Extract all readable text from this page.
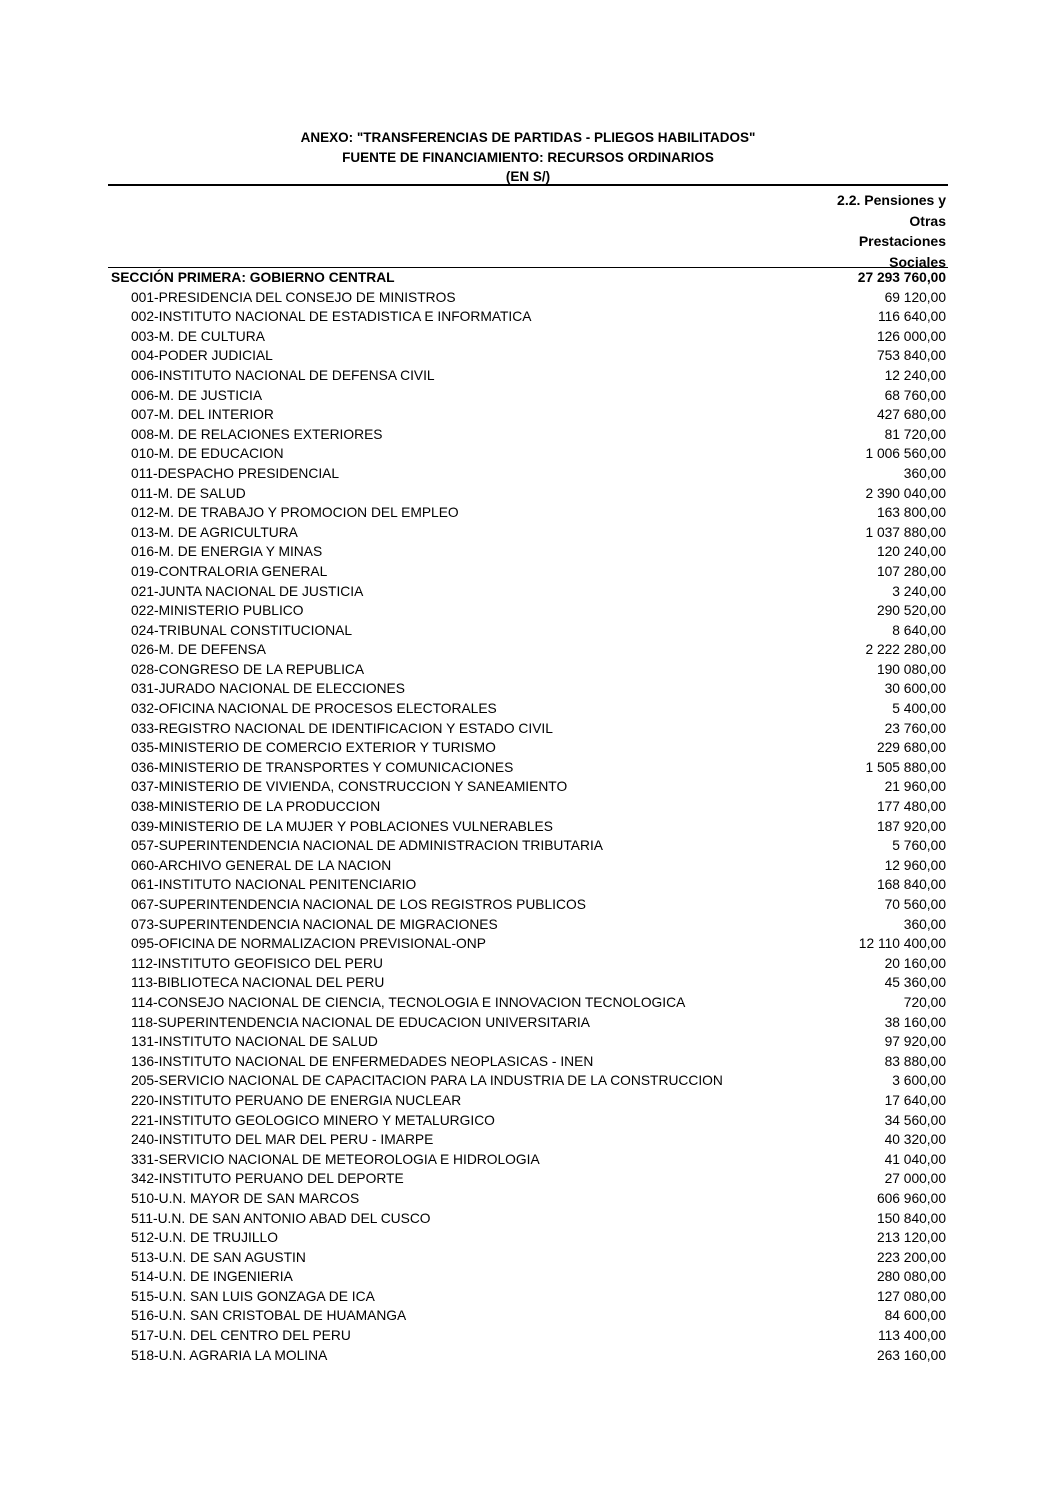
ANEXO: "TRANSFERENCIAS DE PARTIDAS - PLIEGOS HABILITADOS"
FUENTE DE FINANCIAMIENTO: RECURSOS ORDINARIOS
(EN S/)
2.2. Pensiones y
Otras
Prestaciones
Sociales
SECCIÓN PRIMERA: GOBIERNO CENTRAL	27 293 760,00
001-PRESIDENCIA DEL CONSEJO DE MINISTROS	69 120,00
002-INSTITUTO NACIONAL DE ESTADISTICA E INFORMATICA	116 640,00
003-M. DE CULTURA	126 000,00
004-PODER JUDICIAL	753 840,00
006-INSTITUTO NACIONAL DE DEFENSA CIVIL	12 240,00
006-M. DE JUSTICIA	68 760,00
007-M. DEL INTERIOR	427 680,00
008-M. DE RELACIONES EXTERIORES	81 720,00
010-M. DE EDUCACION	1 006 560,00
011-DESPACHO PRESIDENCIAL	360,00
011-M. DE SALUD	2 390 040,00
012-M. DE TRABAJO Y PROMOCION DEL EMPLEO	163 800,00
013-M. DE AGRICULTURA	1 037 880,00
016-M. DE ENERGIA Y MINAS	120 240,00
019-CONTRALORIA GENERAL	107 280,00
021-JUNTA NACIONAL DE JUSTICIA	3 240,00
022-MINISTERIO PUBLICO	290 520,00
024-TRIBUNAL CONSTITUCIONAL	8 640,00
026-M. DE DEFENSA	2 222 280,00
028-CONGRESO DE LA REPUBLICA	190 080,00
031-JURADO NACIONAL DE ELECCIONES	30 600,00
032-OFICINA NACIONAL DE PROCESOS ELECTORALES	5 400,00
033-REGISTRO NACIONAL DE IDENTIFICACION Y ESTADO CIVIL	23 760,00
035-MINISTERIO DE COMERCIO EXTERIOR Y TURISMO	229 680,00
036-MINISTERIO DE TRANSPORTES Y COMUNICACIONES	1 505 880,00
037-MINISTERIO DE VIVIENDA, CONSTRUCCION Y SANEAMIENTO	21 960,00
038-MINISTERIO DE LA PRODUCCION	177 480,00
039-MINISTERIO DE LA MUJER Y POBLACIONES VULNERABLES	187 920,00
057-SUPERINTENDENCIA NACIONAL DE ADMINISTRACION TRIBUTARIA	5 760,00
060-ARCHIVO GENERAL DE LA NACION	12 960,00
061-INSTITUTO NACIONAL PENITENCIARIO	168 840,00
067-SUPERINTENDENCIA NACIONAL DE LOS REGISTROS PUBLICOS	70 560,00
073-SUPERINTENDENCIA NACIONAL DE MIGRACIONES	360,00
095-OFICINA DE NORMALIZACION PREVISIONAL-ONP	12 110 400,00
112-INSTITUTO GEOFISICO DEL PERU	20 160,00
113-BIBLIOTECA NACIONAL DEL PERU	45 360,00
114-CONSEJO NACIONAL DE CIENCIA, TECNOLOGIA E INNOVACION TECNOLOGICA	720,00
118-SUPERINTENDENCIA NACIONAL DE EDUCACION UNIVERSITARIA	38 160,00
131-INSTITUTO NACIONAL DE SALUD	97 920,00
136-INSTITUTO NACIONAL DE ENFERMEDADES NEOPLASICAS - INEN	83 880,00
205-SERVICIO NACIONAL DE CAPACITACION PARA LA INDUSTRIA DE LA CONSTRUCCION	3 600,00
220-INSTITUTO PERUANO DE ENERGIA NUCLEAR	17 640,00
221-INSTITUTO GEOLOGICO MINERO Y METALURGICO	34 560,00
240-INSTITUTO DEL MAR DEL PERU - IMARPE	40 320,00
331-SERVICIO NACIONAL DE METEOROLOGIA E HIDROLOGIA	41 040,00
342-INSTITUTO PERUANO DEL DEPORTE	27 000,00
510-U.N. MAYOR DE SAN MARCOS	606 960,00
511-U.N. DE SAN ANTONIO ABAD DEL CUSCO	150 840,00
512-U.N. DE TRUJILLO	213 120,00
513-U.N. DE SAN AGUSTIN	223 200,00
514-U.N. DE INGENIERIA	280 080,00
515-U.N. SAN LUIS GONZAGA DE ICA	127 080,00
516-U.N. SAN CRISTOBAL DE HUAMANGA	84 600,00
517-U.N. DEL CENTRO DEL PERU	113 400,00
518-U.N. AGRARIA LA MOLINA	263 160,00
